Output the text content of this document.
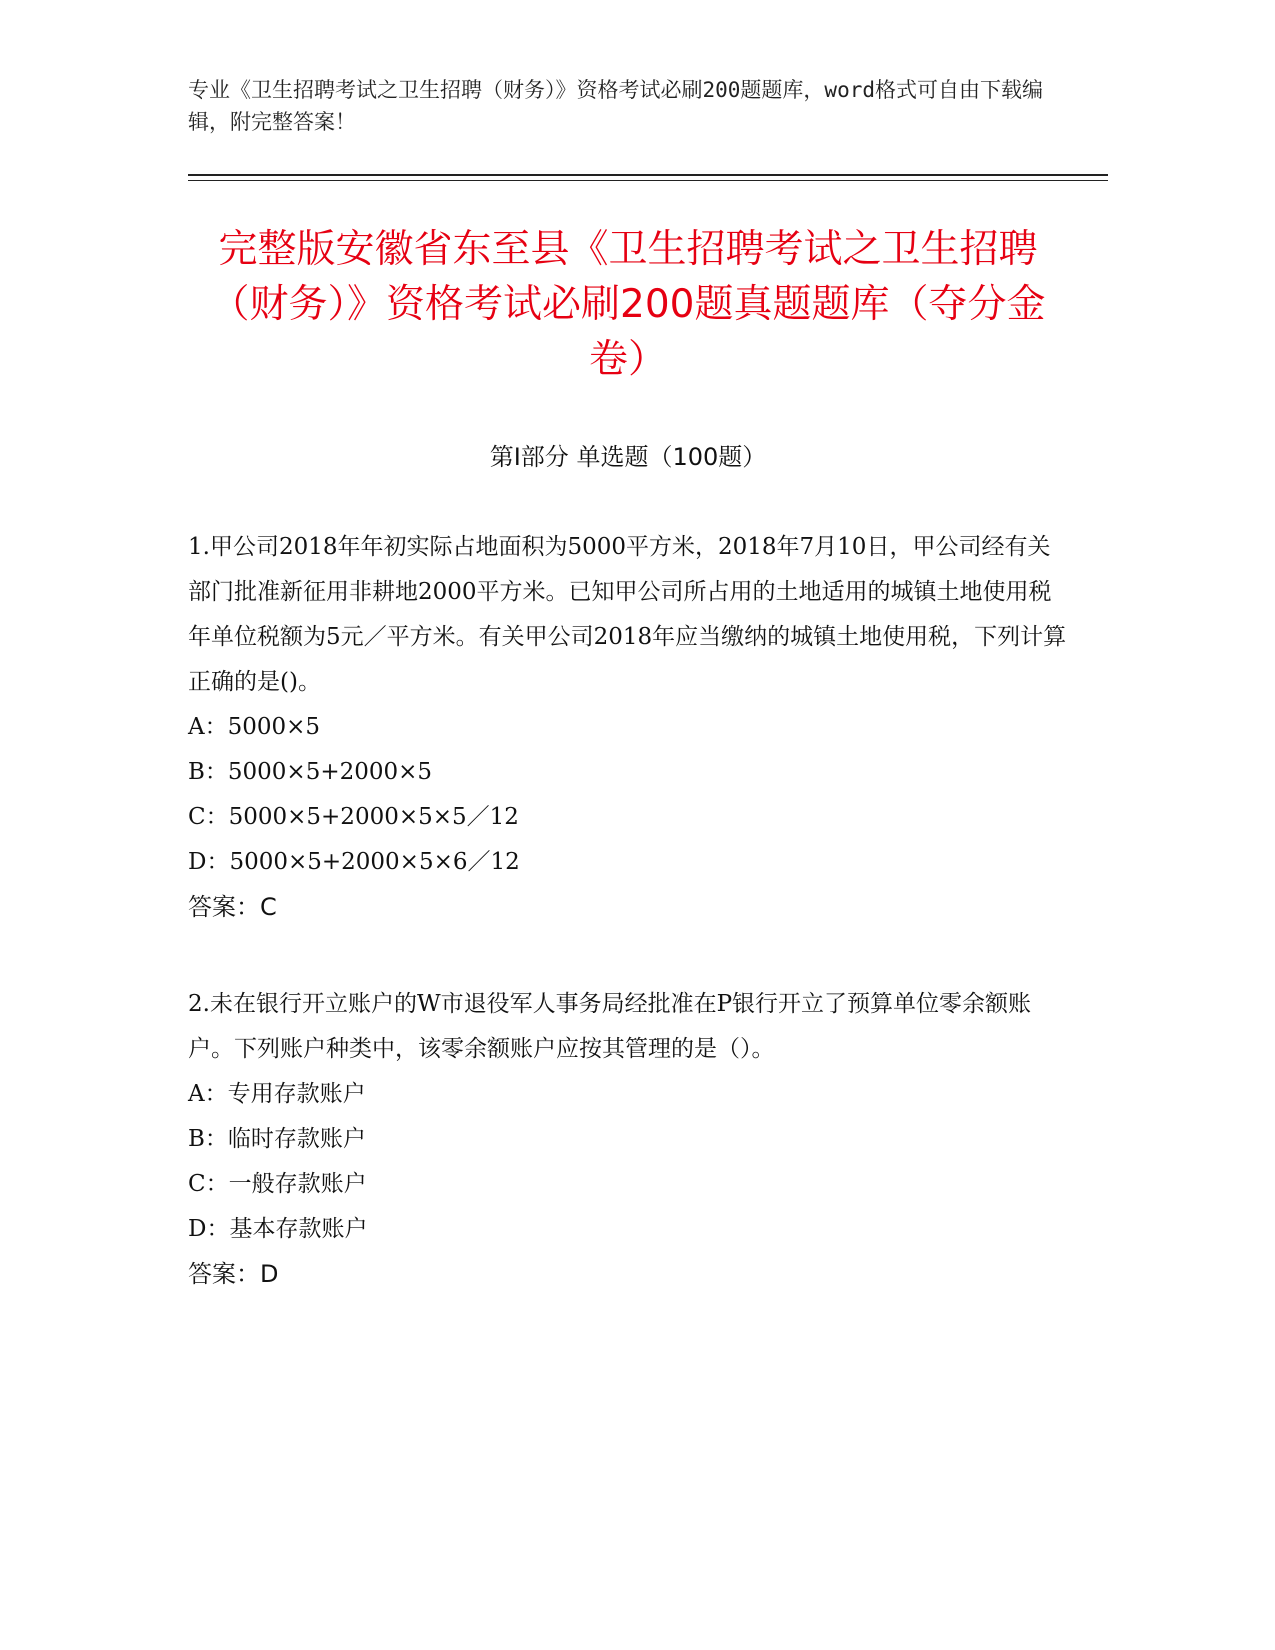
专业《卫生招聘考试之卫生招聘（财务）》资格考试必刷200题题库，word格式可自由下载编辑，附完整答案！
完整版安徽省东至县《卫生招聘考试之卫生招聘（财务）》资格考试必刷200题真题题库（夺分金卷）
第Ⅰ部分 单选题（100题）

1.甲公司2018年年初实际占地面积为5000平方米，2018年7月10日，甲公司经有关部门批准新征用非耕地2000平方米。已知甲公司所占用的土地适用的城镇土地使用税年单位税额为5元／平方米。有关甲公司2018年应当缴纳的城镇土地使用税，下列计算正确的是()。

A：5000×5

B：5000×5+2000×5

C：5000×5+2000×5×5／12

D：5000×5+2000×5×6／12

答案：C

2.未在银行开立账户的W市退役军人事务局经批准在P银行开立了预算单位零余额账户。下列账户种类中，该零余额账户应按其管理的是（）。

A：专用存款账户

B：临时存款账户

C：一般存款账户

D：基本存款账户

答案：D
